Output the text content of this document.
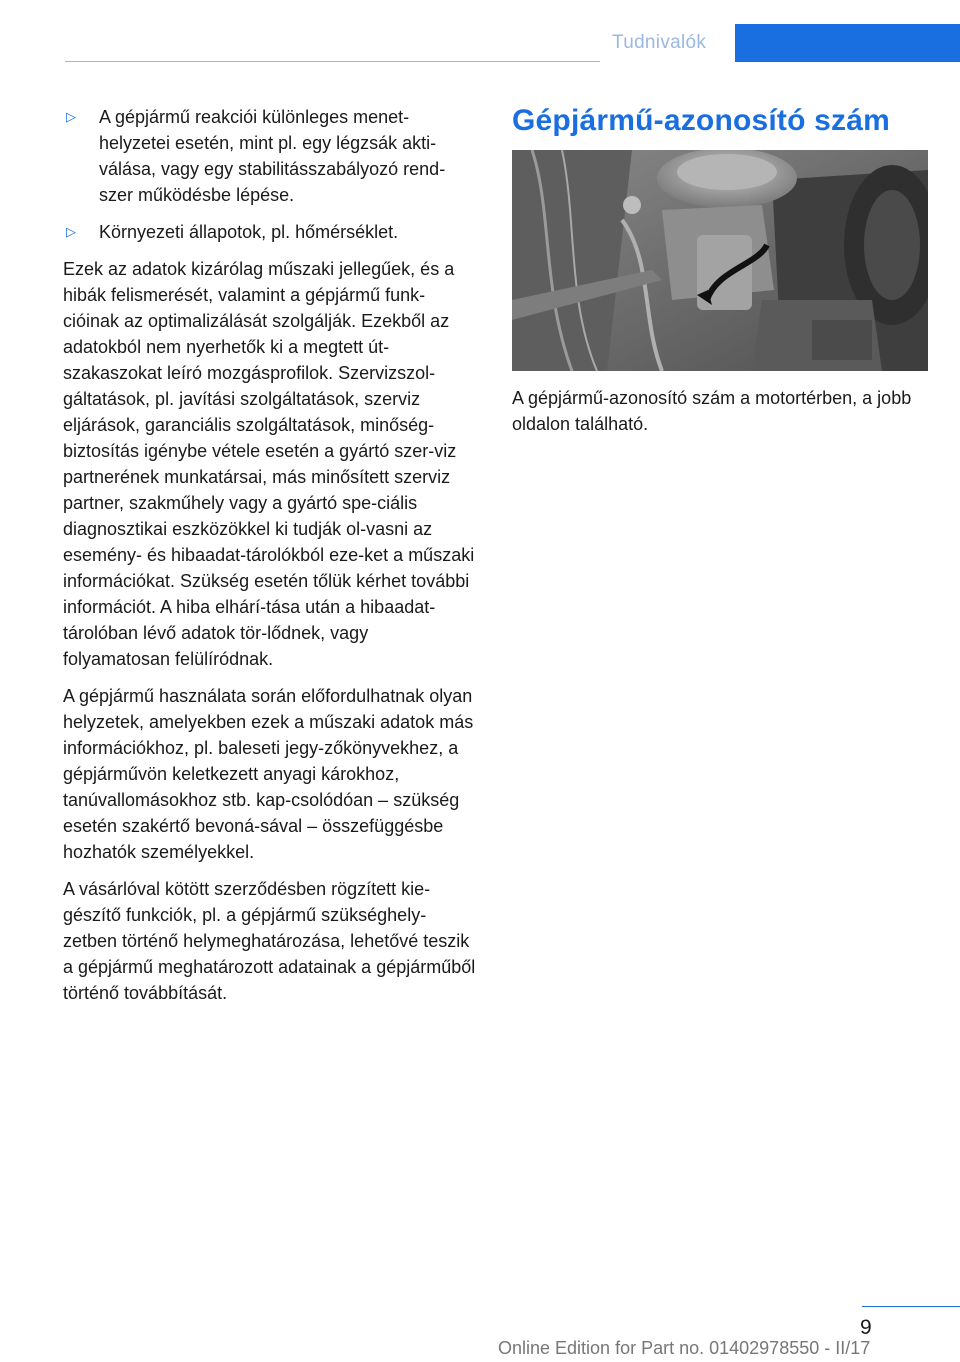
Tudnivalók
▷	A gépjármű reakciói különleges menet-helyzetei esetén, mint pl. egy légzsák akti-válása, vagy egy stabilitásszabályozó rend-szer működésbe lépése.
▷	Környezeti állapotok, pl. hőmérséklet.

Ezek az adatok kizárólag műszaki jellegűek, és a hibák felismerését, valamint a gépjármű funk-cióinak az optimalizálását szolgálják. Ezekből az adatokból nem nyerhetők ki a megtett út-szakaszokat leíró mozgásprofilok. Szervizszol-gáltatások, pl. javítási szolgáltatások, szerviz eljárások, garanciális szolgáltatások, minőség-biztosítás igénybe vétele esetén a gyártó szer-viz partnerének munkatársai, más minősített szerviz partner, szakműhely vagy a gyártó spe-ciális diagnosztikai eszközökkel ki tudják ol-vasni az esemény- és hibaadat-tárolókból eze-ket a műszaki információkat. Szükség esetén tőlük kérhet további információt. A hiba elhárí-tása után a hibaadat-tárolóban lévő adatok tör-lődnek, vagy folyamatosan felülíródnak.

A gépjármű használata során előfordulhatnak olyan helyzetek, amelyekben ezek a műszaki adatok más információkhoz, pl. baleseti jegy-zőkönyvekhez, a gépjárművön keletkezett anyagi károkhoz, tanúvallomásokhoz stb. kap-csolódóan – szükség esetén szakértő bevoná-sával – összefüggésbe hozhatók személyekkel.

A vásárlóval kötött szerződésben rögzített kie-gészítő funkciók, pl. a gépjármű szükséghely-zetben történő helymeghatározása, lehetővé teszik a gépjármű meghatározott adatainak a gépjárműből történő továbbítását.

Gépjármű-azonosító szám

A gépjármű-azonosító szám a motortérben, a jobb oldalon található.

9
Online Edition for Part no. 01402978550 - II/17
